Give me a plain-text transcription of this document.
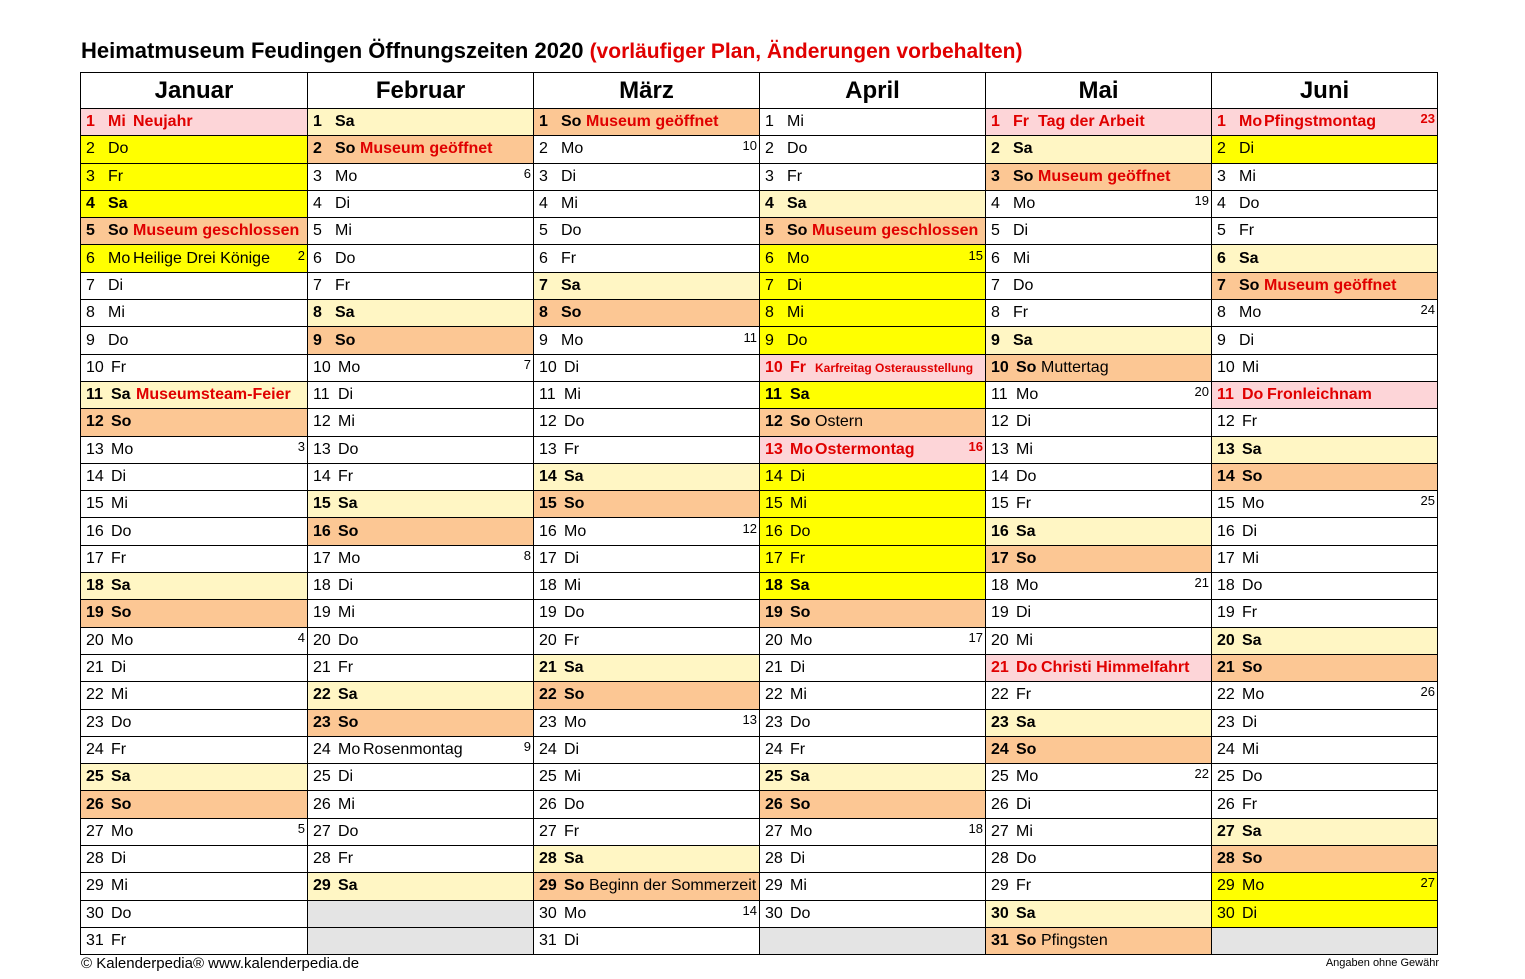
Heimatmuseum Feudingen Öffnungszeiten 2020 (vorläufiger Plan, Änderungen vorbehalten)
Januar	Februar	März	April	Mai	Juni

1 Mi Neujahr	1 Sa	1 So Museum geöffnet	1 Mi	1 Fr Tag der Arbeit	1 Mo Pfingstmontag 23

2 Do	2 So Museum geöffnet	2 Mo 10	2 Do	2 Sa	2 Di

3 Fr	3 Mo 6	3 Di	3 Fr	3 So Museum geöffnet	3 Mi

4 Sa	4 Di	4 Mi	4 Sa	4 Mo 19	4 Do

5 So Museum geschlossen	5 Mi	5 Do	5 So Museum geschlossen	5 Di	5 Fr

6 Mo Heilige Drei Könige 2	6 Do	6 Fr	6 Mo 15	6 Mi	6 Sa

7 Di	7 Fr	7 Sa	7 Di	7 Do	7 So Museum geöffnet

8 Mi	8 Sa	8 So	8 Mi	8 Fr	8 Mo 24

9 Do	9 So	9 Mo 11	9 Do	9 Sa	9 Di

10 Fr	10 Mo 7	10 Di	10 Fr Karfreitag Osterausstellung	10 So Muttertag	10 Mi

11 Sa Museumsteam-Feier	11 Di	11 Mi	11 Sa	11 Mo 20	11 Do Fronleichnam

12 So	12 Mi	12 Do	12 So Ostern	12 Di	12 Fr

13 Mo 3	13 Do	13 Fr	13 Mo Ostermontag 16	13 Mi	13 Sa

14 Di	14 Fr	14 Sa	14 Di	14 Do	14 So

15 Mi	15 Sa	15 So	15 Mi	15 Fr	15 Mo 25

16 Do	16 So	16 Mo 12	16 Do	16 Sa	16 Di

17 Fr	17 Mo 8	17 Di	17 Fr	17 So	17 Mi

18 Sa	18 Di	18 Mi	18 Sa	18 Mo 21	18 Do

19 So	19 Mi	19 Do	19 So	19 Di	19 Fr

20 Mo 4	20 Do	20 Fr	20 Mo 17	20 Mi	20 Sa

21 Di	21 Fr	21 Sa	21 Di	21 Do Christi Himmelfahrt	21 So

22 Mi	22 Sa	22 So	22 Mi	22 Fr	22 Mo 26

23 Do	23 So	23 Mo 13	23 Do	23 Sa	23 Di

24 Fr	24 Mo Rosenmontag 9	24 Di	24 Fr	24 So	24 Mi

25 Sa	25 Di	25 Mi	25 Sa	25 Mo 22	25 Do

26 So	26 Mi	26 Do	26 So	26 Di	26 Fr

27 Mo 5	27 Do	27 Fr	27 Mo 18	27 Mi	27 Sa

28 Di	28 Fr	28 Sa	28 Di	28 Do	28 So

29 Mi	29 Sa	29 So Beginn der Sommerzeit	29 Mi	29 Fr	29 Mo 27

30 Do		30 Mo 14	30 Do	30 Sa	30 Di

31 Fr		31 Di		31 So Pfingsten	

© Kalenderpedia® www.kalenderpedia.de	Angaben ohne Gewähr
